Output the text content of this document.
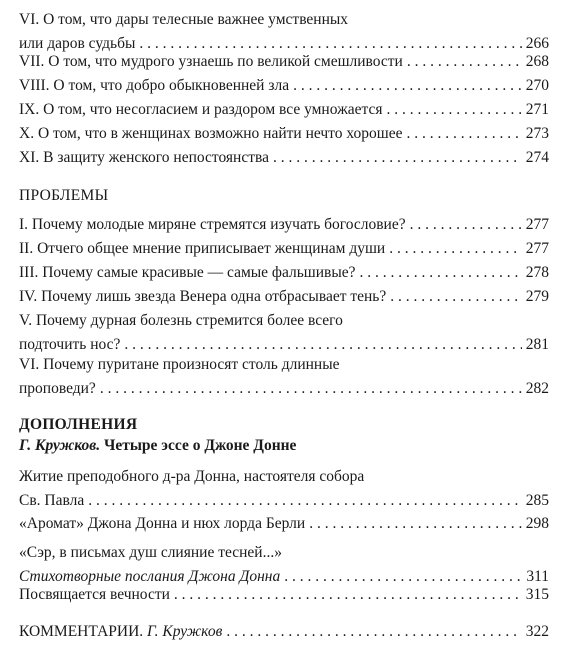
VI. О том, что дары телесные важнее умственных
или даров судьбы . . .	266
VII. О том, что мудрого узнаешь по великой смешливости . . .	268
VIII. О том, что добро обыкновенней зла . . .	270
IX. О том, что несогласием и раздором все умножается . . .	271
X. О том, что в женщинах возможно найти нечто хорошее . . .	273
XI. В защиту женского непостоянства . . .	274
ПРОБЛЕМЫ
I. Почему молодые миряне стремятся изучать богословие? . . .	277
II. Отчего общее мнение приписывает женщинам души . . .	277
III. Почему самые красивые — самые фальшивые? . . .	278
IV. Почему лишь звезда Венера одна отбрасывает тень? . . .	279
V. Почему дурная болезнь стремится более всего
подточить нос? . . .	281
VI. Почему пуритане произносят столь длинные
проповеди? . . .	282
ДОПОЛНЕНИЯ
Г. Кружков. Четыре эссе о Джоне Донне
Житие преподобного д-ра Донна, настоятеля собора
Св. Павла . . .	285
«Аромат» Джона Донна и нюх лорда Берли . . .	298
«Сэр, в письмах душ слияние тесней...»
Стихотворные послания Джона Донна . . .	311
Посвящается вечности . . .	315
КОММЕНТАРИИ. Г. Кружков . . .	322
